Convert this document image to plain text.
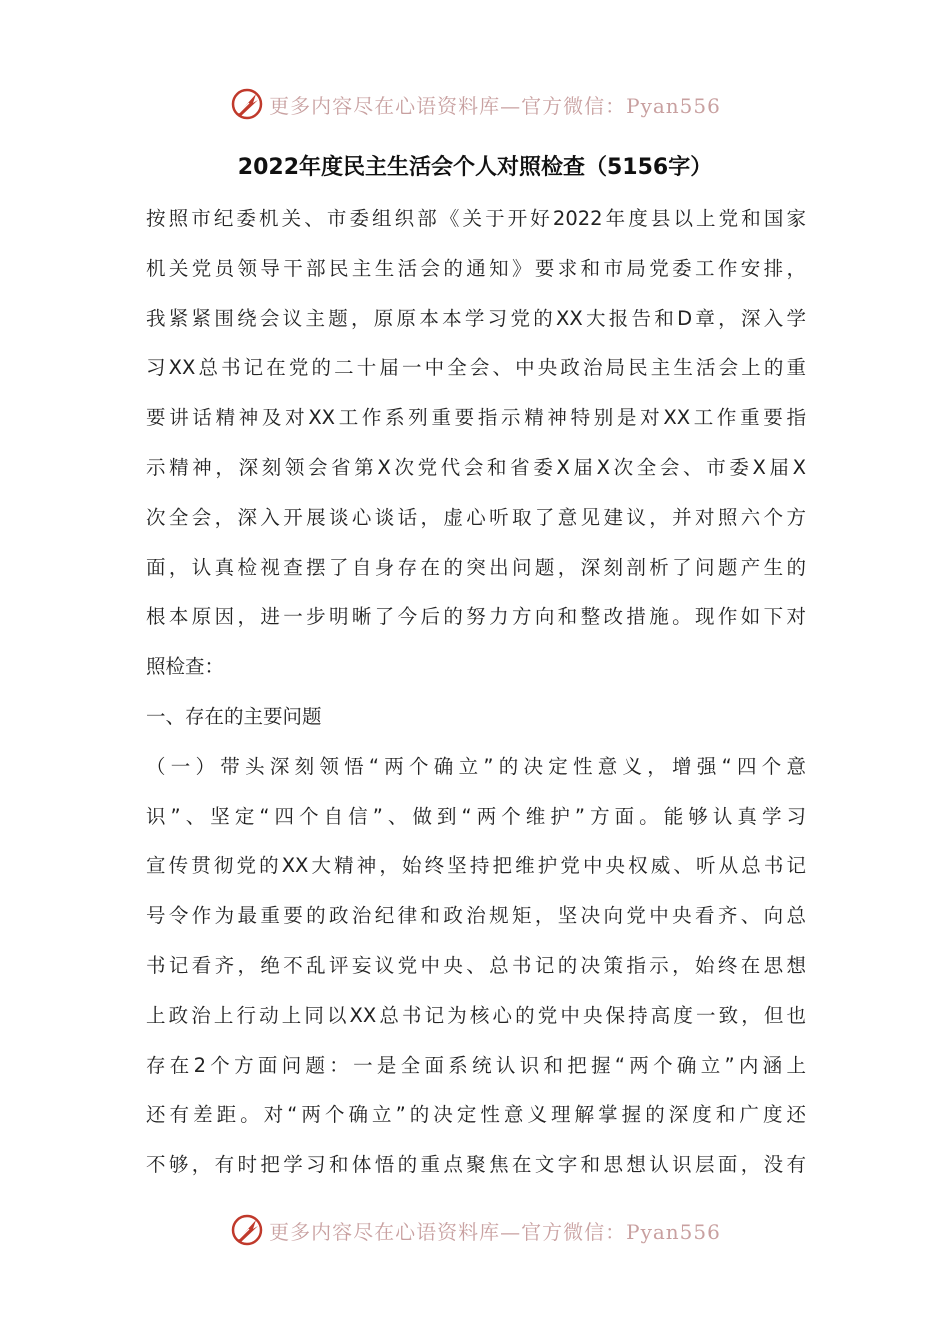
更多内容尽在心语资料库—官方微信：Pyan556
2022年度民主生活会个人对照检查（5156字）
按照市纪委机关、市委组织部《关于开好2022年度县以上党和国家
机关党员领导干部民主生活会的通知》要求和市局党委工作安排，
我紧紧围绕会议主题，原原本本学习党的XX大报告和D章，深入学
习XX总书记在党的二十届一中全会、中央政治局民主生活会上的重
要讲话精神及对XX工作系列重要指示精神特别是对XX工作重要指
示精神，深刻领会省第X次党代会和省委X届X次全会、市委X届X
次全会，深入开展谈心谈话，虚心听取了意见建议，并对照六个方
面，认真检视查摆了自身存在的突出问题，深刻剖析了问题产生的
根本原因，进一步明晰了今后的努力方向和整改措施。现作如下对
照检查：
一、存在的主要问题
（一）带头深刻领悟“两个确立”的决定性意义，增强“四个意
识”、坚定“四个自信”、做到“两个维护”方面。能够认真学习
宣传贯彻党的XX大精神，始终坚持把维护党中央权威、听从总书记
号令作为最重要的政治纪律和政治规矩，坚决向党中央看齐、向总
书记看齐，绝不乱评妄议党中央、总书记的决策指示，始终在思想
上政治上行动上同以XX总书记为核心的党中央保持高度一致，但也
存在2个方面问题：一是全面系统认识和把握“两个确立”内涵上
还有差距。对“两个确立”的决定性意义理解掌握的深度和广度还
不够，有时把学习和体悟的重点聚焦在文字和思想认识层面，没有
更多内容尽在心语资料库—官方微信：Pyan556
